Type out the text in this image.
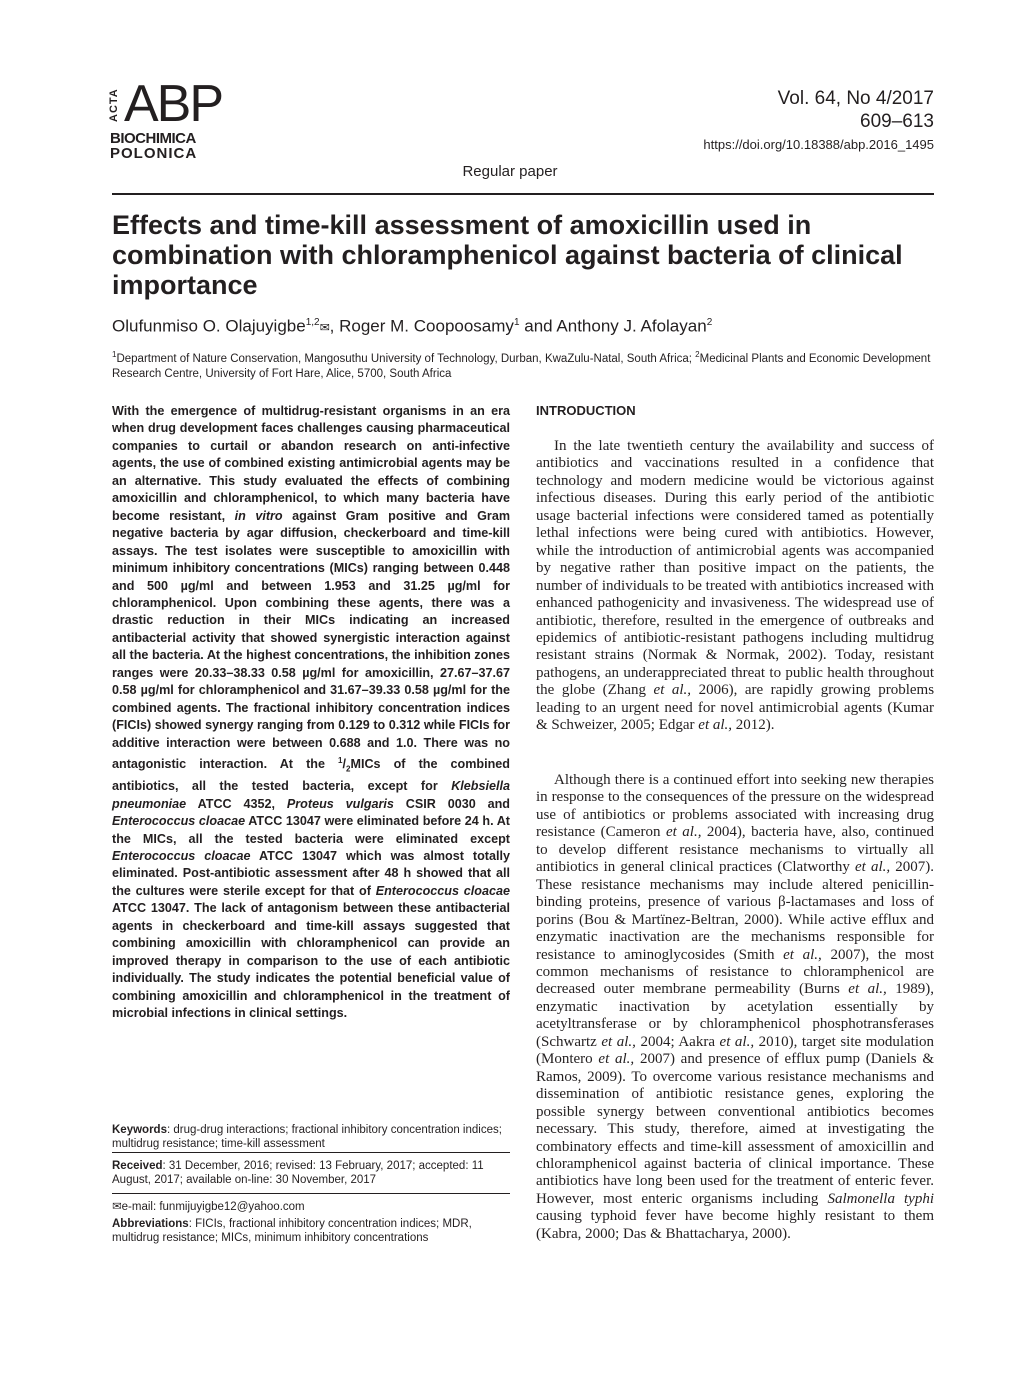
ACTA ABP
BIOCHIMICA
POLONICA
Vol. 64, No 4/2017
609–613
https://doi.org/10.18388/abp.2016_1495
Regular paper
Effects and time-kill assessment of amoxicillin used in combination with chloramphenicol against bacteria of clinical importance
Olufunmiso O. Olajuyigbe$^{1,2}$✉, Roger M. Coopoosamy$^1$ and Anthony J. Afolayan$^2$
$^1$Department of Nature Conservation, Mangosuthu University of Technology, Durban, KwaZulu-Natal, South Africa; $^2$Medicinal Plants and Economic Development Research Centre, University of Fort Hare, Alice, 5700, South Africa

With the emergence of multidrug-resistant organisms in an era when drug development faces challenges causing pharmaceutical companies to curtail or abandon research on anti-infective agents, the use of combined existing antimicrobial agents may be an alternative. This study evaluated the effects of combining amoxicillin and chloramphenicol, to which many bacteria have become resistant, in vitro against Gram positive and Gram negative bacteria by agar diffusion, checkerboard and time-kill assays. The test isolates were susceptible to amoxicillin with minimum inhibitory concentrations (MICs) ranging between 0.448 and 500 µg/ml and between 1.953 and 31.25 µg/ml for chloramphenicol. Upon combining these agents, there was a drastic reduction in their MICs indicating an increased antibacterial activity that showed synergistic interaction against all the bacteria. At the highest concentrations, the inhibition zones ranges were 20.33–38.33 0.58 µg/ml for amoxicillin, 27.67–37.67 0.58 µg/ml for chloramphenicol and 31.67–39.33 0.58 µg/ml for the combined agents. The fractional inhibitory concentration indices (FICIs) showed synergy ranging from 0.129 to 0.312 while FICIs for additive interaction were between 0.688 and 1.0. There was no antagonistic interaction. At the $^1/_2MICs$ of the combined antibiotics, all the tested bacteria, except for Klebsiella pneumoniae ATCC 4352, Proteus vulgaris CSIR 0030 and Enterococcus cloacae ATCC 13047 were eliminated before 24 h. At the MICs, all the tested bacteria were eliminated except Enterococcus cloacae ATCC 13047 which was almost totally eliminated. Post-antibiotic assessment after 48 h showed that all the cultures were sterile except for that of Enterococcus cloacae ATCC 13047. The lack of antagonism between these antibacterial agents in checkerboard and time-kill assays suggested that combining amoxicillin with chloramphenicol can provide an improved therapy in comparison to the use of each antibiotic individually. The study indicates the potential beneficial value of combining amoxicillin and chloramphenicol in the treatment of microbial infections in clinical settings.

Keywords: drug-drug interactions; fractional inhibitory concentration indices; multidrug resistance; time-kill assessment
Received: 31 December, 2016; revised: 13 February, 2017; accepted: 11 August, 2017; available on-line: 30 November, 2017
✉e-mail: funmijuyigbe12@yahoo.com
Abbreviations: FICIs, fractional inhibitory concentration indices; MDR, multidrug resistance; MICs, minimum inhibitory concentrations
INTRODUCTION

In the late twentieth century the availability and success of antibiotics and vaccinations resulted in a confidence that technology and modern medicine would be victorious against infectious diseases. During this early period of the antibiotic usage bacterial infections were considered tamed as potentially lethal infections were being cured with antibiotics. However, while the introduction of antimicrobial agents was accompanied by negative rather than positive impact on the patients, the number of individuals to be treated with antibiotics increased with enhanced pathogenicity and invasiveness. The widespread use of antibiotic, therefore, resulted in the emergence of outbreaks and epidemics of antibiotic-resistant pathogens including multidrug resistant strains (Normak & Normak, 2002). Today, resistant pathogens, an underappreciated threat to public health throughout the globe (Zhang et al., 2006), are rapidly growing problems leading to an urgent need for novel antimicrobial agents (Kumar & Schweizer, 2005; Edgar et al., 2012).

Although there is a continued effort into seeking new therapies in response to the consequences of the pressure on the widespread use of antibiotics or problems associated with increasing drug resistance (Cameron et al., 2004), bacteria have, also, continued to develop different resistance mechanisms to virtually all antibiotics in general clinical practices (Clatworthy et al., 2007). These resistance mechanisms may include altered penicillin-binding proteins, presence of various β-lactamases and loss of porins (Bou & Martïnez-Beltran, 2000). While active efflux and enzymatic inactivation are the mechanisms responsible for resistance to aminoglycosides (Smith et al., 2007), the most common mechanisms of resistance to chloramphenicol are decreased outer membrane permeability (Burns et al., 1989), enzymatic inactivation by acetylation essentially by acetyltransferase or by chloramphenicol phosphotransferases (Schwartz et al., 2004; Aakra et al., 2010), target site modulation (Montero et al., 2007) and presence of efflux pump (Daniels & Ramos, 2009). To overcome various resistance mechanisms and dissemination of antibiotic resistance genes, exploring the possible synergy between conventional antibiotics becomes necessary. This study, therefore, aimed at investigating the combinatory effects and time-kill assessment of amoxicillin and chloramphenicol against bacteria of clinical importance. These antibiotics have long been used for the treatment of enteric fever. However, most enteric organisms including Salmonella typhi causing typhoid fever have become highly resistant to them (Kabra, 2000; Das & Bhattacharya, 2000).
